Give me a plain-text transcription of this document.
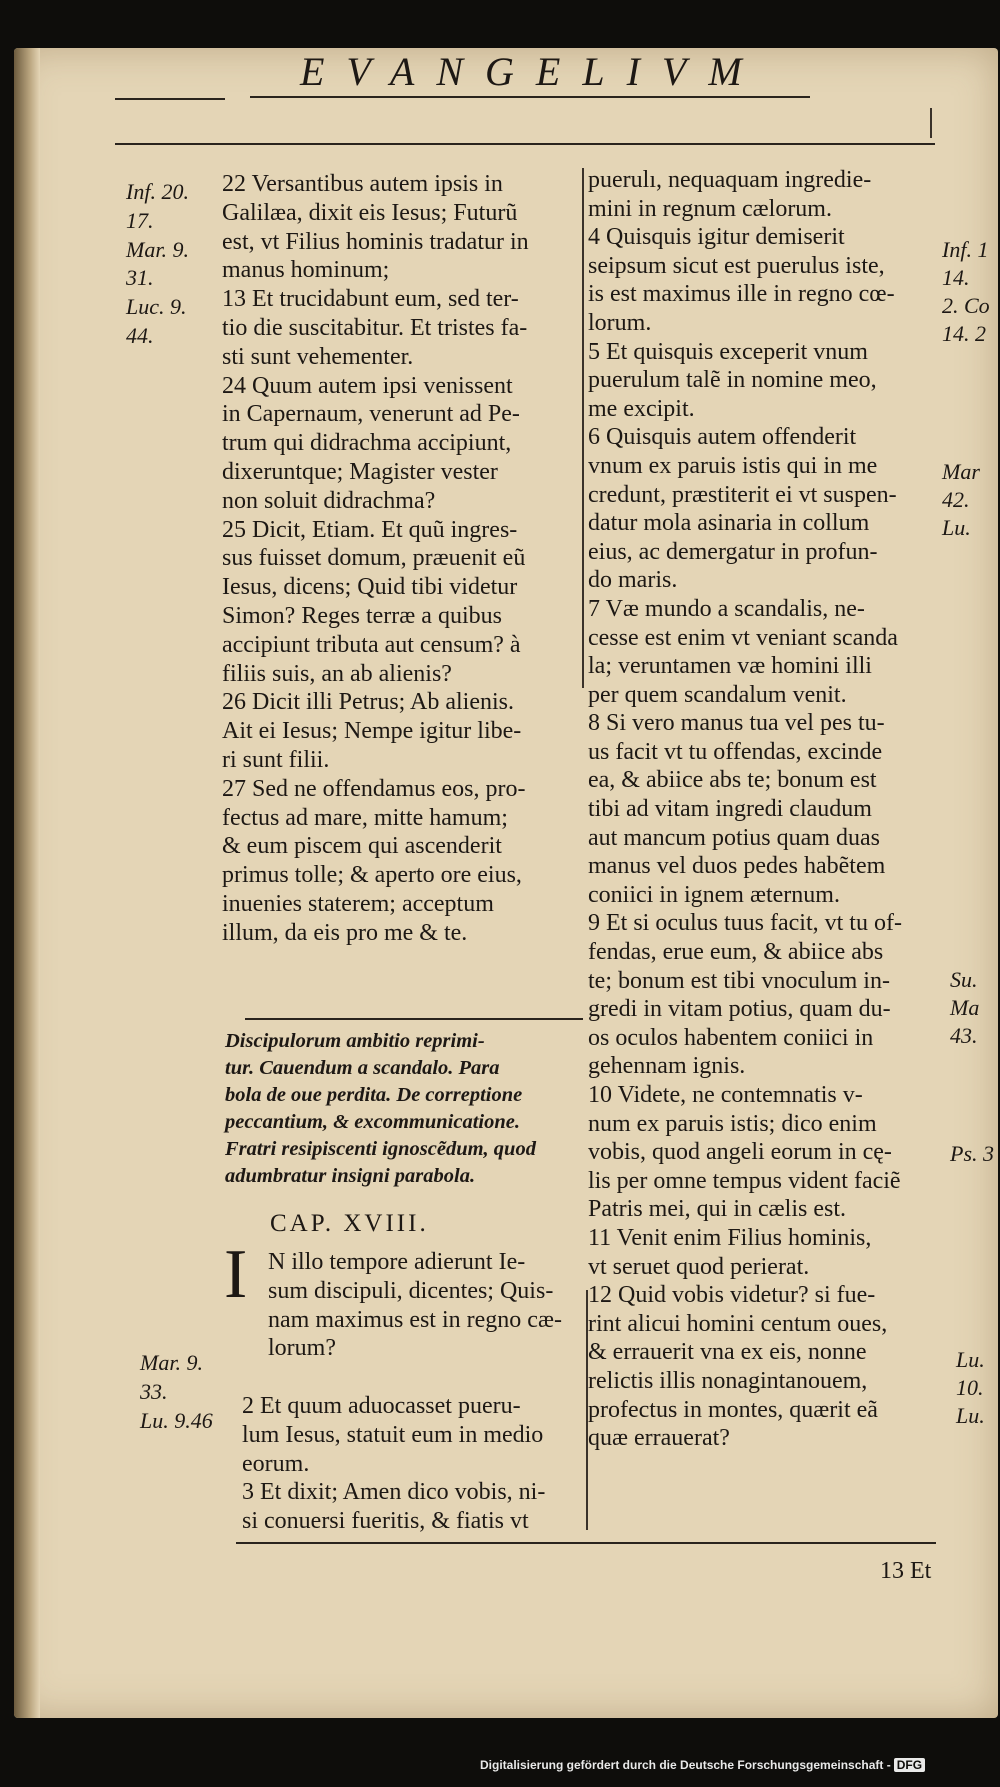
EVANGELIVM
Inf. 20.
17.
Mar. 9.
31.
Luc. 9.
44.
Mar. 9.
33.
Lu. 9.46
22 Versantibus autem ipsis in
Galilæa, dixit eis Iesus; Futurũ
est, vt Filius hominis tradatur in
manus hominum;
13 Et trucidabunt eum, sed ter-
tio die suscitabitur. Et tristes fa-
sti sunt vehementer.
24 Quum autem ipsi venissent
in Capernaum, venerunt ad Pe-
trum qui didrachma accipiunt,
dixeruntque; Magister vester
non soluit didrachma?
25 Dicit, Etiam. Et quũ ingres-
sus fuisset domum, præuenit eũ
Iesus, dicens; Quid tibi videtur
Simon? Reges terræ a quibus
accipiunt tributa aut censum? à
filiis suis, an ab alienis?
26 Dicit illi Petrus; Ab alienis.
Ait ei Iesus; Nempe igitur libe-
ri sunt filii.
27 Sed ne offendamus eos, pro-
fectus ad mare, mitte hamum;
& eum piscem qui ascenderit
primus tolle; & aperto ore eius,
inuenies staterem; acceptum
illum, da eis pro me & te.
Discipulorum ambitio reprimi-
tur. Cauendum a scandalo. Para
bola de oue perdita. De correptione
peccantium, & excommunicatione.
Fratri resipiscenti ignoscẽdum, quod
adumbratur insigni parabola.
CAP. XVIII.
I N illo tempore adierunt Ie-
sum discipuli, dicentes; Quis-
nam maximus est in regno cæ-
lorum?
2 Et quum aduocasset pueru-
lum Iesus, statuit eum in medio
eorum.
3 Et dixit; Amen dico vobis, ni-
si conuersi fueritis, & fiatis vt
puerulı, nequaquam ingredie-
mini in regnum cælorum.
4 Quisquis igitur demiserit
seipsum sicut est puerulus iste,
is est maximus ille in regno cœ-
lorum.
5 Et quisquis exceperit vnum
puerulum talẽ in nomine meo,
me excipit.
6 Quisquis autem offenderit
vnum ex paruis istis qui in me
credunt, præstiterit ei vt suspen-
datur mola asinaria in collum
eius, ac demergatur in profun-
do maris.
7 Væ mundo a scandalis, ne-
cesse est enim vt veniant scanda
la; veruntamen væ homini illi
per quem scandalum venit.
8 Si vero manus tua vel pes tu-
us facit vt tu offendas, excinde
ea, & abiice abs te; bonum est
tibi ad vitam ingredi claudum
aut mancum potius quam duas
manus vel duos pedes habẽtem
coniici in ignem æternum.
9 Et si oculus tuus facit, vt tu of-
fendas, erue eum, & abiice abs
te; bonum est tibi vnoculum in-
gredi in vitam potius, quam du-
os oculos habentem coniici in
gehennam ignis.
10 Videte, ne contemnatis v-
num ex paruis istis; dico enim
vobis, quod angeli eorum in cę-
lis per omne tempus vident faciẽ
Patris mei, qui in cælis est.
11 Venit enim Filius hominis,
vt seruet quod perierat.
12 Quid vobis videtur? si fue-
rint alicui homini centum oues,
& errauerit vna ex eis, nonne
relictis illis nonagintanouem,
profectus in montes, quærit eã
quæ errauerat?
Inf. 1
14.
2. Co
14. 2
Mar
42.
Lu.
Su.
Ma
43.
Ps. 3
Lu.
10.
Lu.
13 Et
Digitalisierung gefördert durch die Deutsche Forschungsgemeinschaft - DFG
